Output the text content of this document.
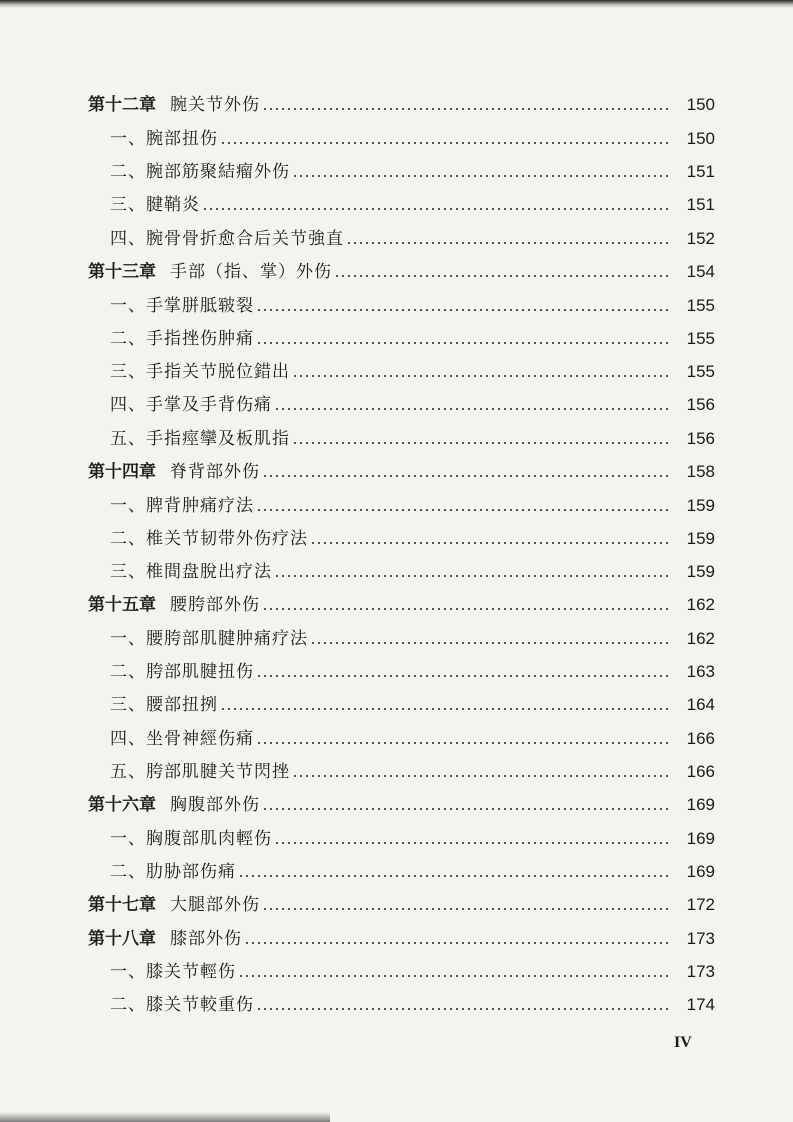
第十二章 腕关节外伤	150
一、腕部扭伤	150
二、腕部筋聚結瘤外伤	151
三、腱鞘炎	151
四、腕骨骨折愈合后关节強直	152
第十三章 手部（指、掌）外伤	154
一、手掌胼胝皲裂	155
二、手指挫伤肿痛	155
三、手指关节脱位錯出	155
四、手掌及手背伤痛	156
五、手指痙攣及板肌指	156
第十四章 脊背部外伤	158
一、脾背肿痛疗法	159
二、椎关节韧带外伤疗法	159
三、椎間盘脫出疗法	159
第十五章 腰胯部外伤	162
一、腰胯部肌腱肿痛疗法	162
二、胯部肌腱扭伤	163
三、腰部扭挒	164
四、坐骨神經伤痛	166
五、胯部肌腱关节閃挫	166
第十六章 胸腹部外伤	169
一、胸腹部肌肉輕伤	169
二、肋胁部伤痛	169
第十七章 大腿部外伤	172
第十八章 膝部外伤	173
一、膝关节輕伤	173
二、膝关节較重伤	174
IV
